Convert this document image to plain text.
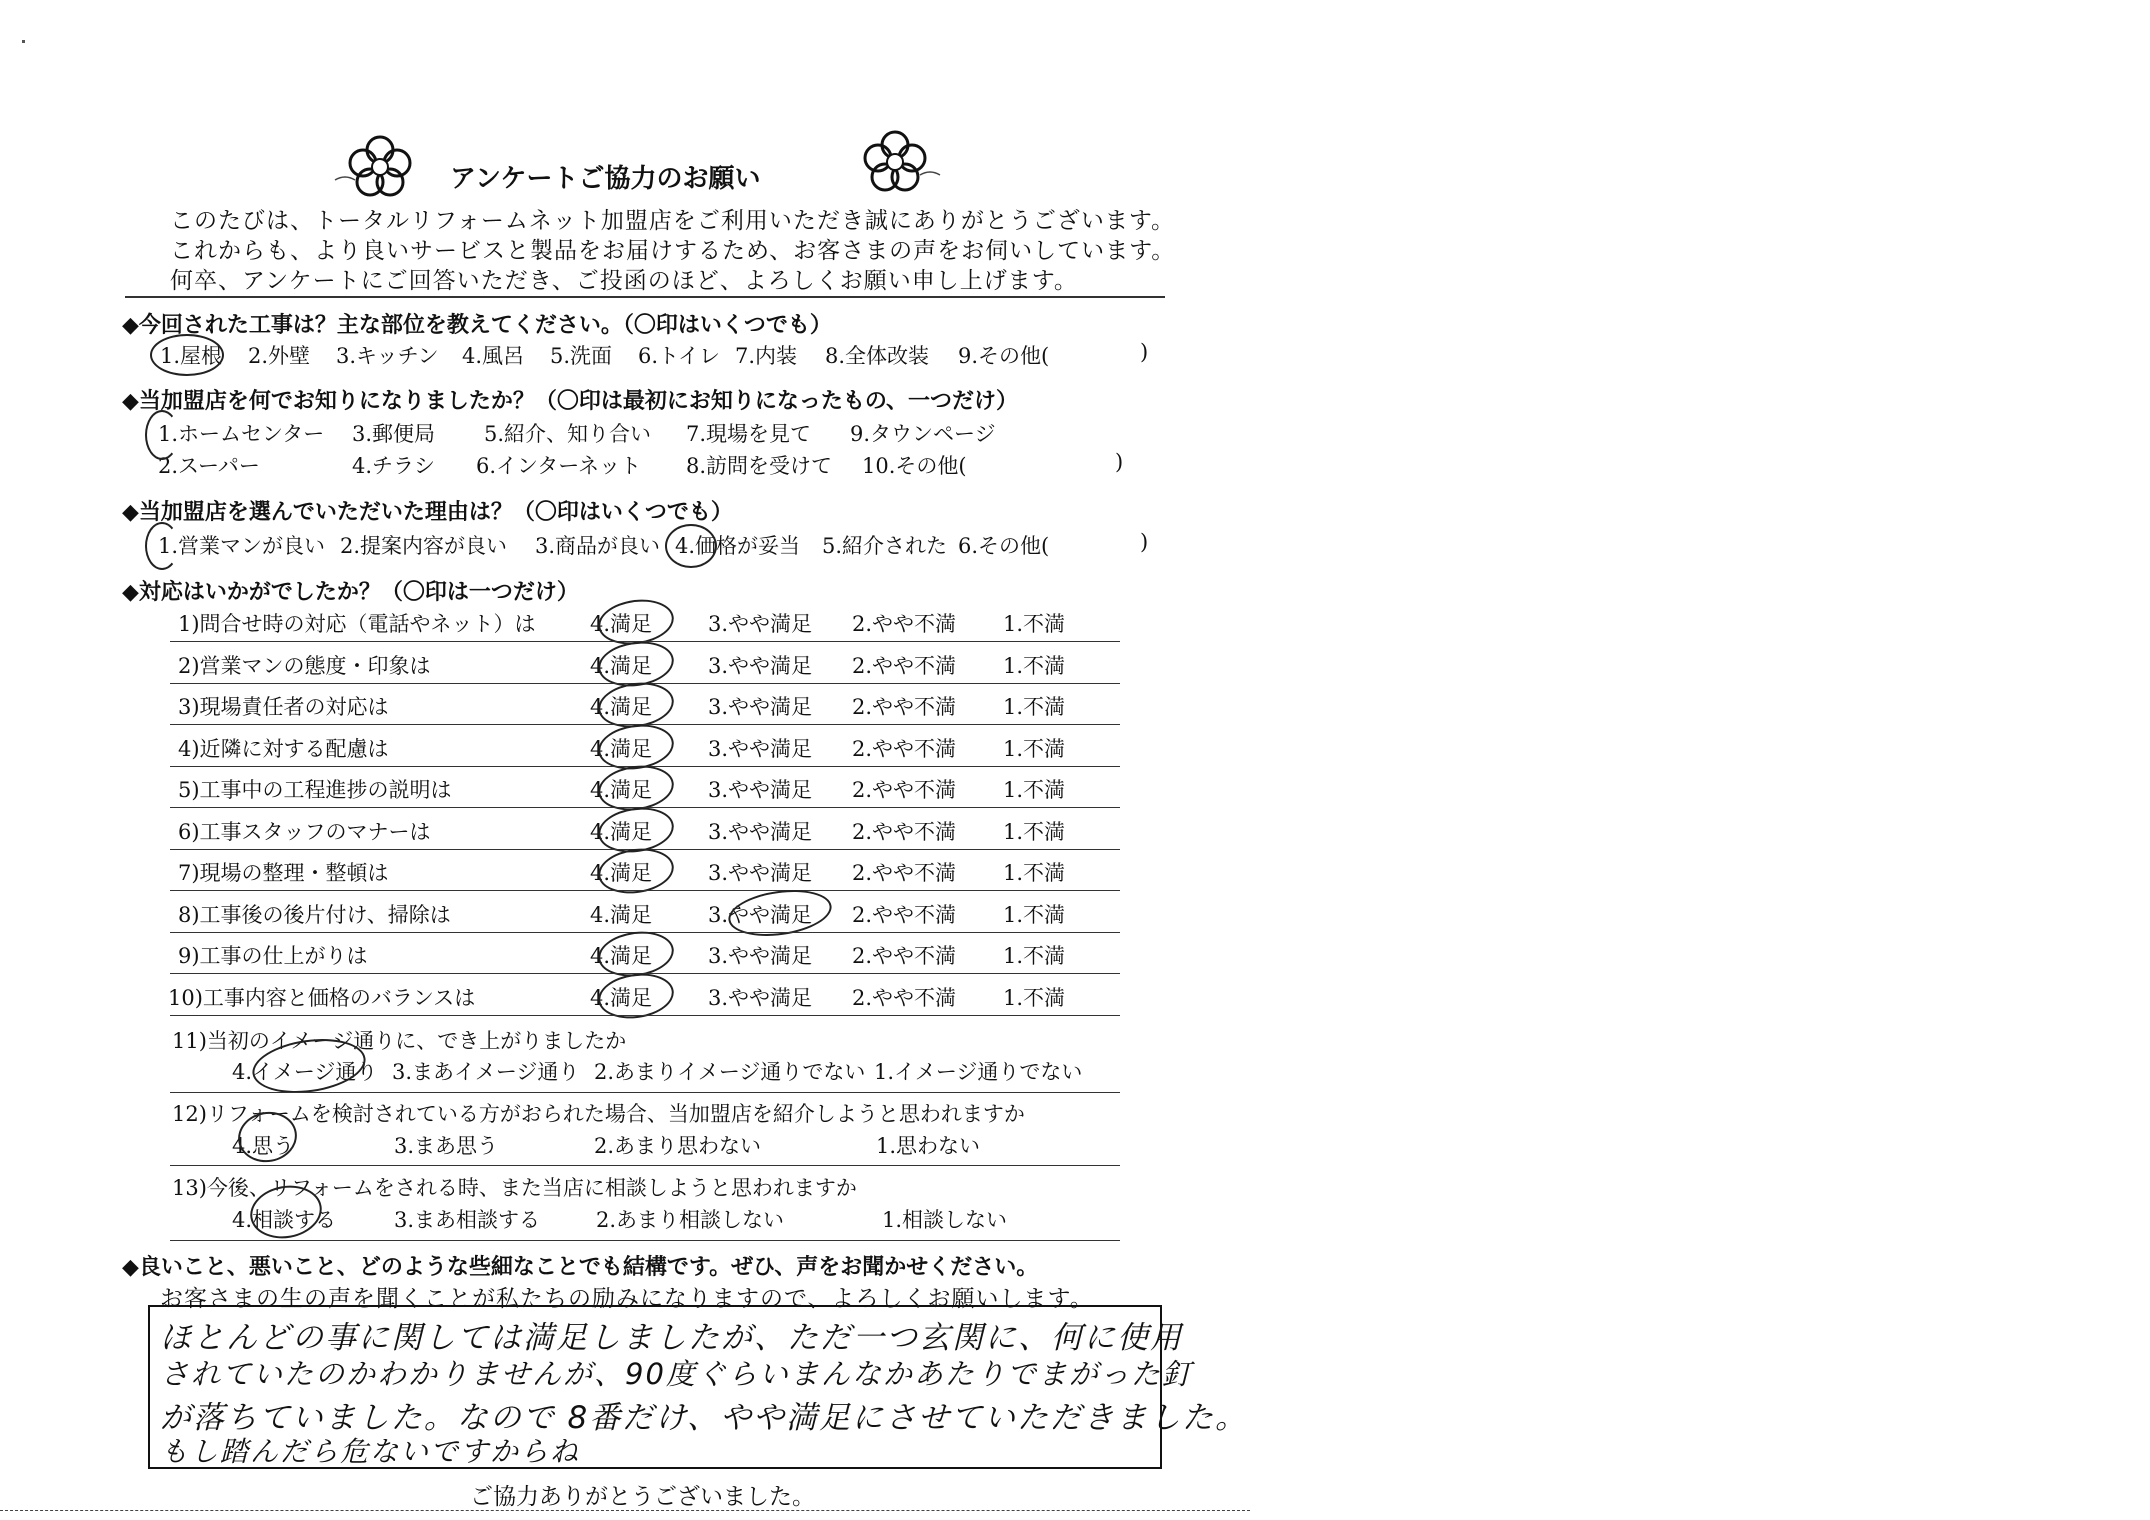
アンケートご協力のお願い
このたびは、トータルリフォームネット加盟店をご利用いただき誠にありがとうございます。
これからも、より良いサービスと製品をお届けするため、お客さまの声をお伺いしています。
何卒、アンケートにご回答いただき、ご投函のほど、よろしくお願い申し上げます。
◆今回された工事は？主な部位を教えてください。（〇印はいくつでも）
1.屋根 2.外壁 3.キッチン 4.風呂 5.洗面 6.トイレ 7.内装 8.全体改装 9.その他(	)
◆当加盟店を何でお知りになりましたか？（〇印は最初にお知りになったもの、一つだけ）
1.ホームセンター 3.郵便局 5.紹介、知り合い 7.現場を見て 9.タウンページ
2.スーパー	4.チラシ 6.インターネット 8.訪問を受けて 10.その他(	)
◆当加盟店を選んでいただいた理由は？（〇印はいくつでも）
1.営業マンが良い 2.提案内容が良い 3.商品が良い 4.価格が妥当 5.紹介された 6.その他(	)
◆対応はいかがでしたか？（〇印は一つだけ）
1)問合せ時の対応（電話やネット）は	4.満足	3.やや満足 2.やや不満 1.不満
2)営業マンの態度・印象は	4.満足	3.やや満足 2.やや不満 1.不満
3)現場責任者の対応は	4.満足	3.やや満足 2.やや不満 1.不満
4)近隣に対する配慮は	4.満足	3.やや満足 2.やや不満 1.不満
5)工事中の工程進捗の説明は	4.満足	3.やや満足 2.やや不満 1.不満
6)工事スタッフのマナーは	4.満足	3.やや満足 2.やや不満 1.不満
7)現場の整理・整頓は	4.満足	3.やや満足 2.やや不満 1.不満
8)工事後の後片付け、掃除は	4.満足	3.やや満足 2.やや不満 1.不満
9)工事の仕上がりは	4.満足	3.やや満足 2.やや不満 1.不満
10)工事内容と価格のバランスは	4.満足	3.やや満足 2.やや不満 1.不満
11)当初のイメージ通りに、でき上がりましたか
4.イメージ通り 3.まあイメージ通り 2.あまりイメージ通りでない 1.イメージ通りでない
12)リフォームを検討されている方がおられた場合、当加盟店を紹介しようと思われますか
4.思う	3.まあ思う	2.あまり思わない	1.思わない
13)今後、リフォームをされる時、また当店に相談しようと思われますか
4.相談する	3.まあ相談する	2.あまり相談しない	1.相談しない
◆良いこと、悪いこと、どのような些細なことでも結構です。ぜひ、声をお聞かせください。
お客さまの生の声を聞くことが私たちの励みになりますので、よろしくお願いします。
ほとんどの事に関しては満足しましたが、ただ一つ玄関に、何に使用
されていたのかわかりませんが、90度ぐらいまんなかあたりでまがった釘
が落ちていました。なので 8番だけ、やや満足にさせていただきました。
もし踏んだら危ないですからね
ご協力ありがとうございました。
